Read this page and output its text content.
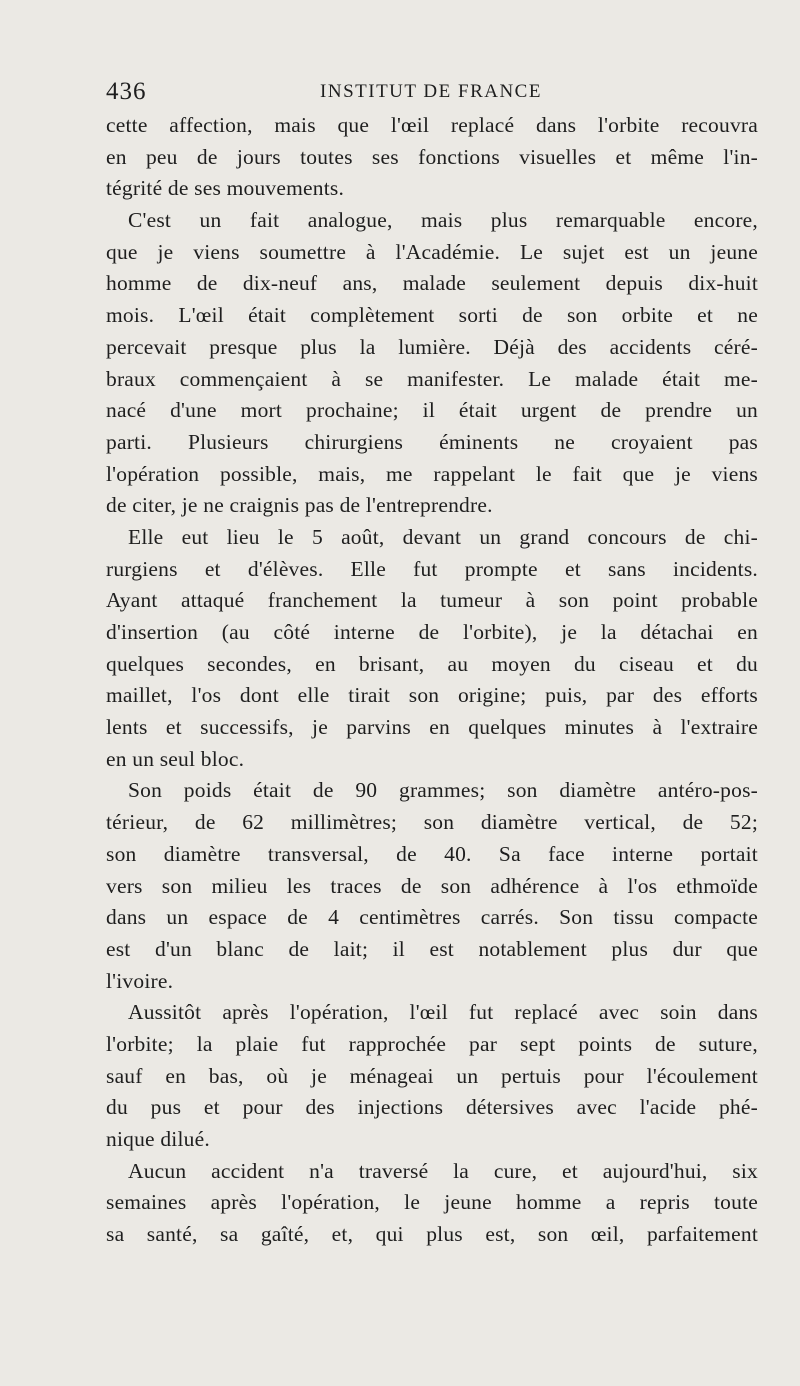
436	INSTITUT DE FRANCE
cette affection, mais que l'œil replacé dans l'orbite recouvra
en peu de jours toutes ses fonctions visuelles et même l'in-
tégrité de ses mouvements.
C'est un fait analogue, mais plus remarquable encore,
que je viens soumettre à l'Académie. Le sujet est un jeune
homme de dix-neuf ans, malade seulement depuis dix-huit
mois. L'œil était complètement sorti de son orbite et ne
percevait presque plus la lumière. Déjà des accidents céré-
braux commençaient à se manifester. Le malade était me-
nacé d'une mort prochaine; il était urgent de prendre un
parti. Plusieurs chirurgiens éminents ne croyaient pas
l'opération possible, mais, me rappelant le fait que je viens
de citer, je ne craignis pas de l'entreprendre.
Elle eut lieu le 5 août, devant un grand concours de chi-
rurgiens et d'élèves. Elle fut prompte et sans incidents.
Ayant attaqué franchement la tumeur à son point probable
d'insertion (au côté interne de l'orbite), je la détachai en
quelques secondes, en brisant, au moyen du ciseau et du
maillet, l'os dont elle tirait son origine; puis, par des efforts
lents et successifs, je parvins en quelques minutes à l'extraire
en un seul bloc.
Son poids était de 90 grammes; son diamètre antéro-pos-
térieur, de 62 millimètres; son diamètre vertical, de 52;
son diamètre transversal, de 40. Sa face interne portait
vers son milieu les traces de son adhérence à l'os ethmoïde
dans un espace de 4 centimètres carrés. Son tissu compacte
est d'un blanc de lait; il est notablement plus dur que
l'ivoire.
Aussitôt après l'opération, l'œil fut replacé avec soin dans
l'orbite; la plaie fut rapprochée par sept points de suture,
sauf en bas, où je ménageai un pertuis pour l'écoulement
du pus et pour des injections détersives avec l'acide phé-
nique dilué.
Aucun accident n'a traversé la cure, et aujourd'hui, six
semaines après l'opération, le jeune homme a repris toute
sa santé, sa gaîté, et, qui plus est, son œil, parfaitement
